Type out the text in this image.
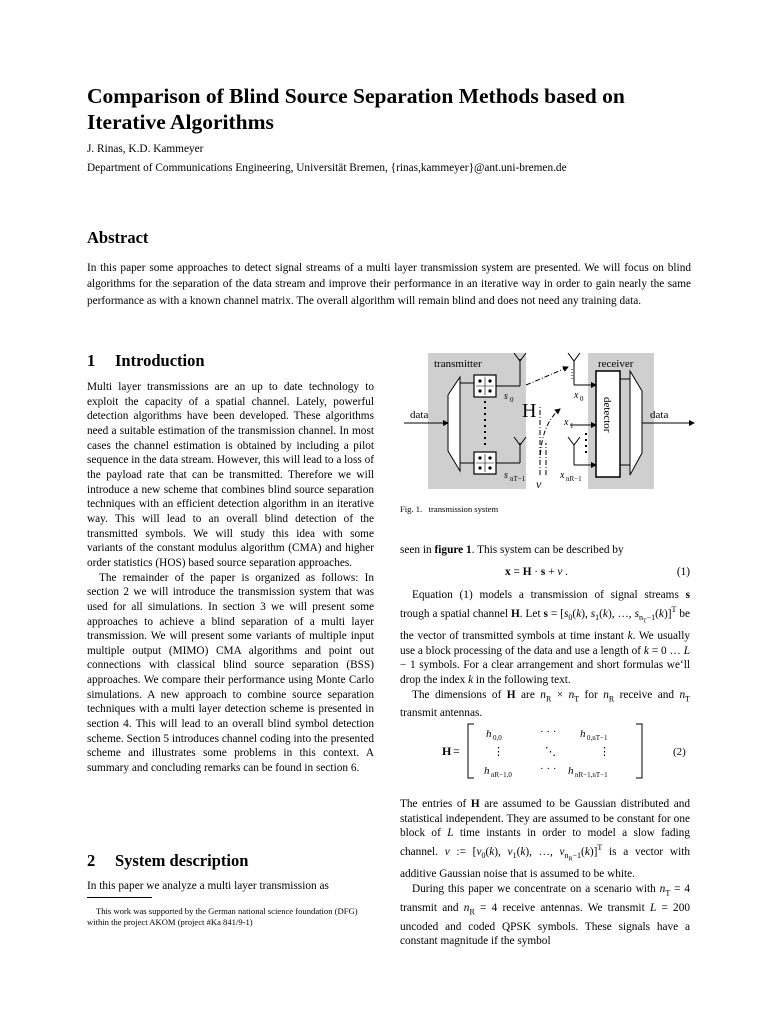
Comparison of Blind Source Separation Methods based on Iterative Algorithms
J. Rinas, K.D. Kammeyer
Department of Communications Engineering, Universität Bremen, {rinas,kammeyer}@ant.uni-bremen.de
Abstract
In this paper some approaches to detect signal streams of a multi layer transmission system are presented. We will focus on blind algorithms for the separation of the data stream and improve their performance in an iterative way in order to gain nearly the same performance as with a known channel matrix. The overall algorithm will remain blind and does not need any training data.
1 Introduction

Multi layer transmissions are an up to date technology to exploit the capacity of a spatial channel. Lately, powerful detection algorithms have been developed. These algorithms need a suitable estimation of the transmission channel. In most cases the channel estimation is obtained by including a pilot sequence in the data stream. However, this will lead to a loss of the payload rate that can be transmitted. Therefore we will introduce a new scheme that combines blind source separation techniques with an efficient detection algorithm in an iterative way. This will lead to an overall blind detection of the transmitted symbols. We will study this idea with some variants of the constant modulus algorithm (CMA) and higher order statistics (HOS) based source separation approaches.

The remainder of the paper is organized as follows: In section 2 we will introduce the transmission system that was used for all simulations. In section 3 we will present some approaches to achieve a blind separation of a multi layer transmission. We will present some variants of multiple input multiple output (MIMO) CMA algorithms and point out connections with classical blind source separation (BSS) approaches. We compare their performance using Monte Carlo simulations. A new approach to combine source separation techniques with a multi layer detection scheme is presented in section 4. This will lead to an overall blind symbol detection scheme. Section 5 introduces channel coding into the presented scheme and illustrates some problems in this context. A summary and concluding remarks can be found in section 6.

2 System description
In this paper we analyze a multi layer transmission as
This work was supported by the German national science foundation (DFG) within the project AKOM (project #Ka 841/9-1)
transmitter	receiver
data
s 0
s nT−1
H
ν
x 0
x 1
x nR−1
detector	data
Fig. 1. transmission system
seen in figure 1. This system can be described by
x = H · s + ν .	(1)

Equation (1) models a transmission of signal streams s trough a spatial channel H. Let $s = [s_0(k)$, $s_1(k)$, …, $s_{n_T-1}(k)]^T$ be the vector of transmitted symbols at time instant k. We usually use a block processing of the data and use a length of k = 0 … L − 1 symbols. For a clear arrangement and short formulas we‘ll drop the index k in the following text.

The dimensions of H are $n_R \times n_T$ for $n_R$ receive and $n_T$ transmit antennas.

H =
h 0,0	· · · h 0,nT−1
⋮	⋱	⋮
h nR−1,0	· · · h nR−1,nT−1
(2)

The entries of H are assumed to be Gaussian distributed and statistical independent. They are assumed to be constant for one block of L time instants in order to model a slow fading channel. ν := [$\nu_0(k)$, $\nu_1(k)$, …, $\nu_{n_R-1}(k)]^T$ is a vector with additive Gaussian noise that is assumed to be white.

During this paper we concentrate on a scenario with $n_T = 4$ transmit and $n_R = 4$ receive antennas. We transmit L = 200 uncoded and coded QPSK symbols. These signals have a constant magnitude if the symbol
